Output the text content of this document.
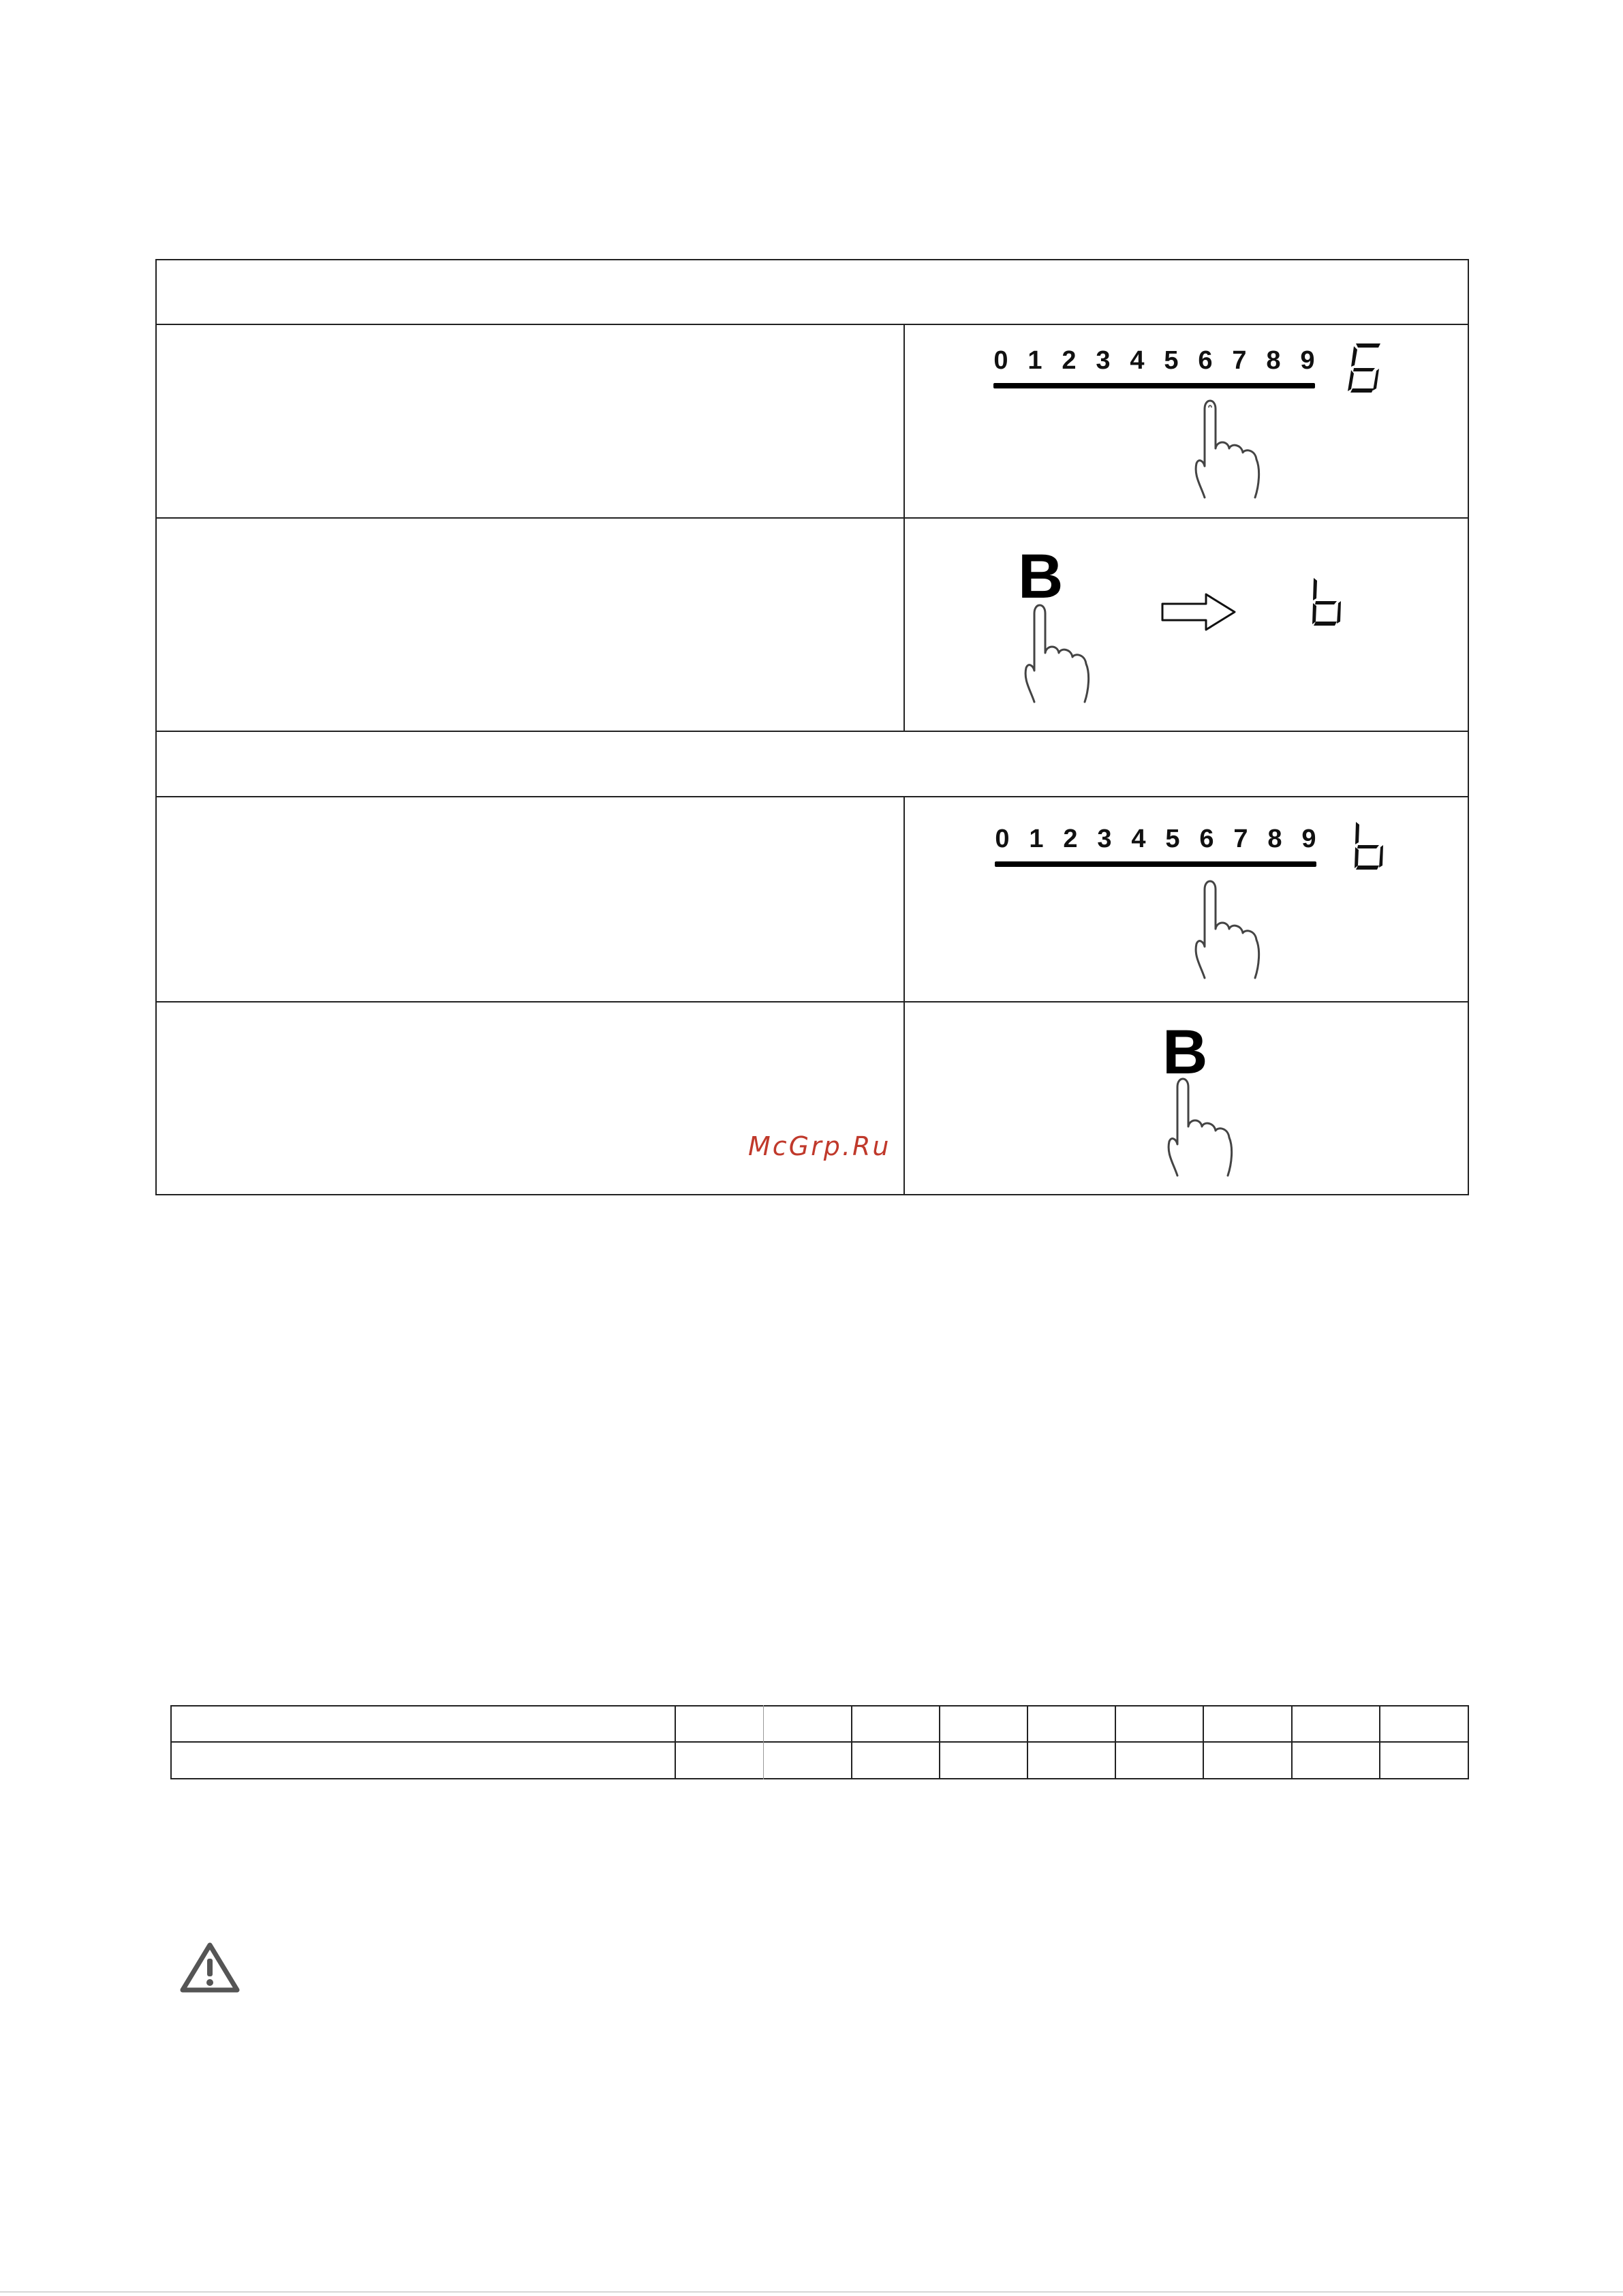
0 1 2 3 4 5 6 7 8 9
B
0 1 2 3 4 5 6 7 8 9
B
McGrp.Ru
